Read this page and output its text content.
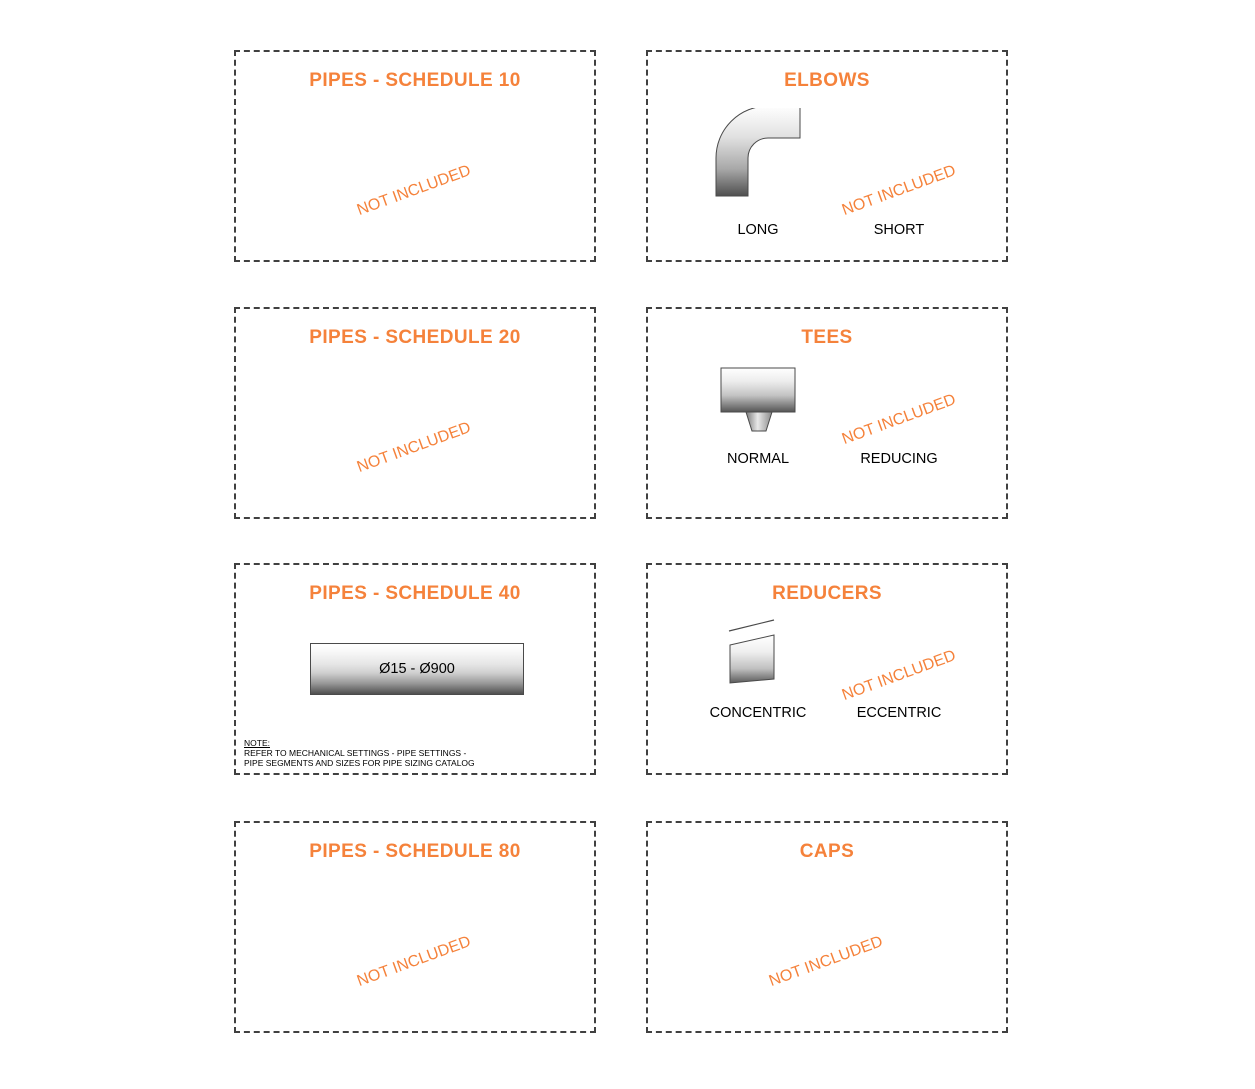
PIPES - SCHEDULE 10
NOT INCLUDED
ELBOWS
LONG	SHORT
NOT INCLUDED
PIPES - SCHEDULE 20
NOT INCLUDED
TEES
NORMAL	REDUCING
NOT INCLUDED
PIPES - SCHEDULE 40
Ø15 - Ø900
NOTE:
REFER TO MECHANICAL SETTINGS - PIPE SETTINGS -
PIPE SEGMENTS AND SIZES FOR PIPE SIZING CATALOG
REDUCERS
CONCENTRIC	ECCENTRIC
NOT INCLUDED
PIPES - SCHEDULE 80
NOT INCLUDED
CAPS
NOT INCLUDED
